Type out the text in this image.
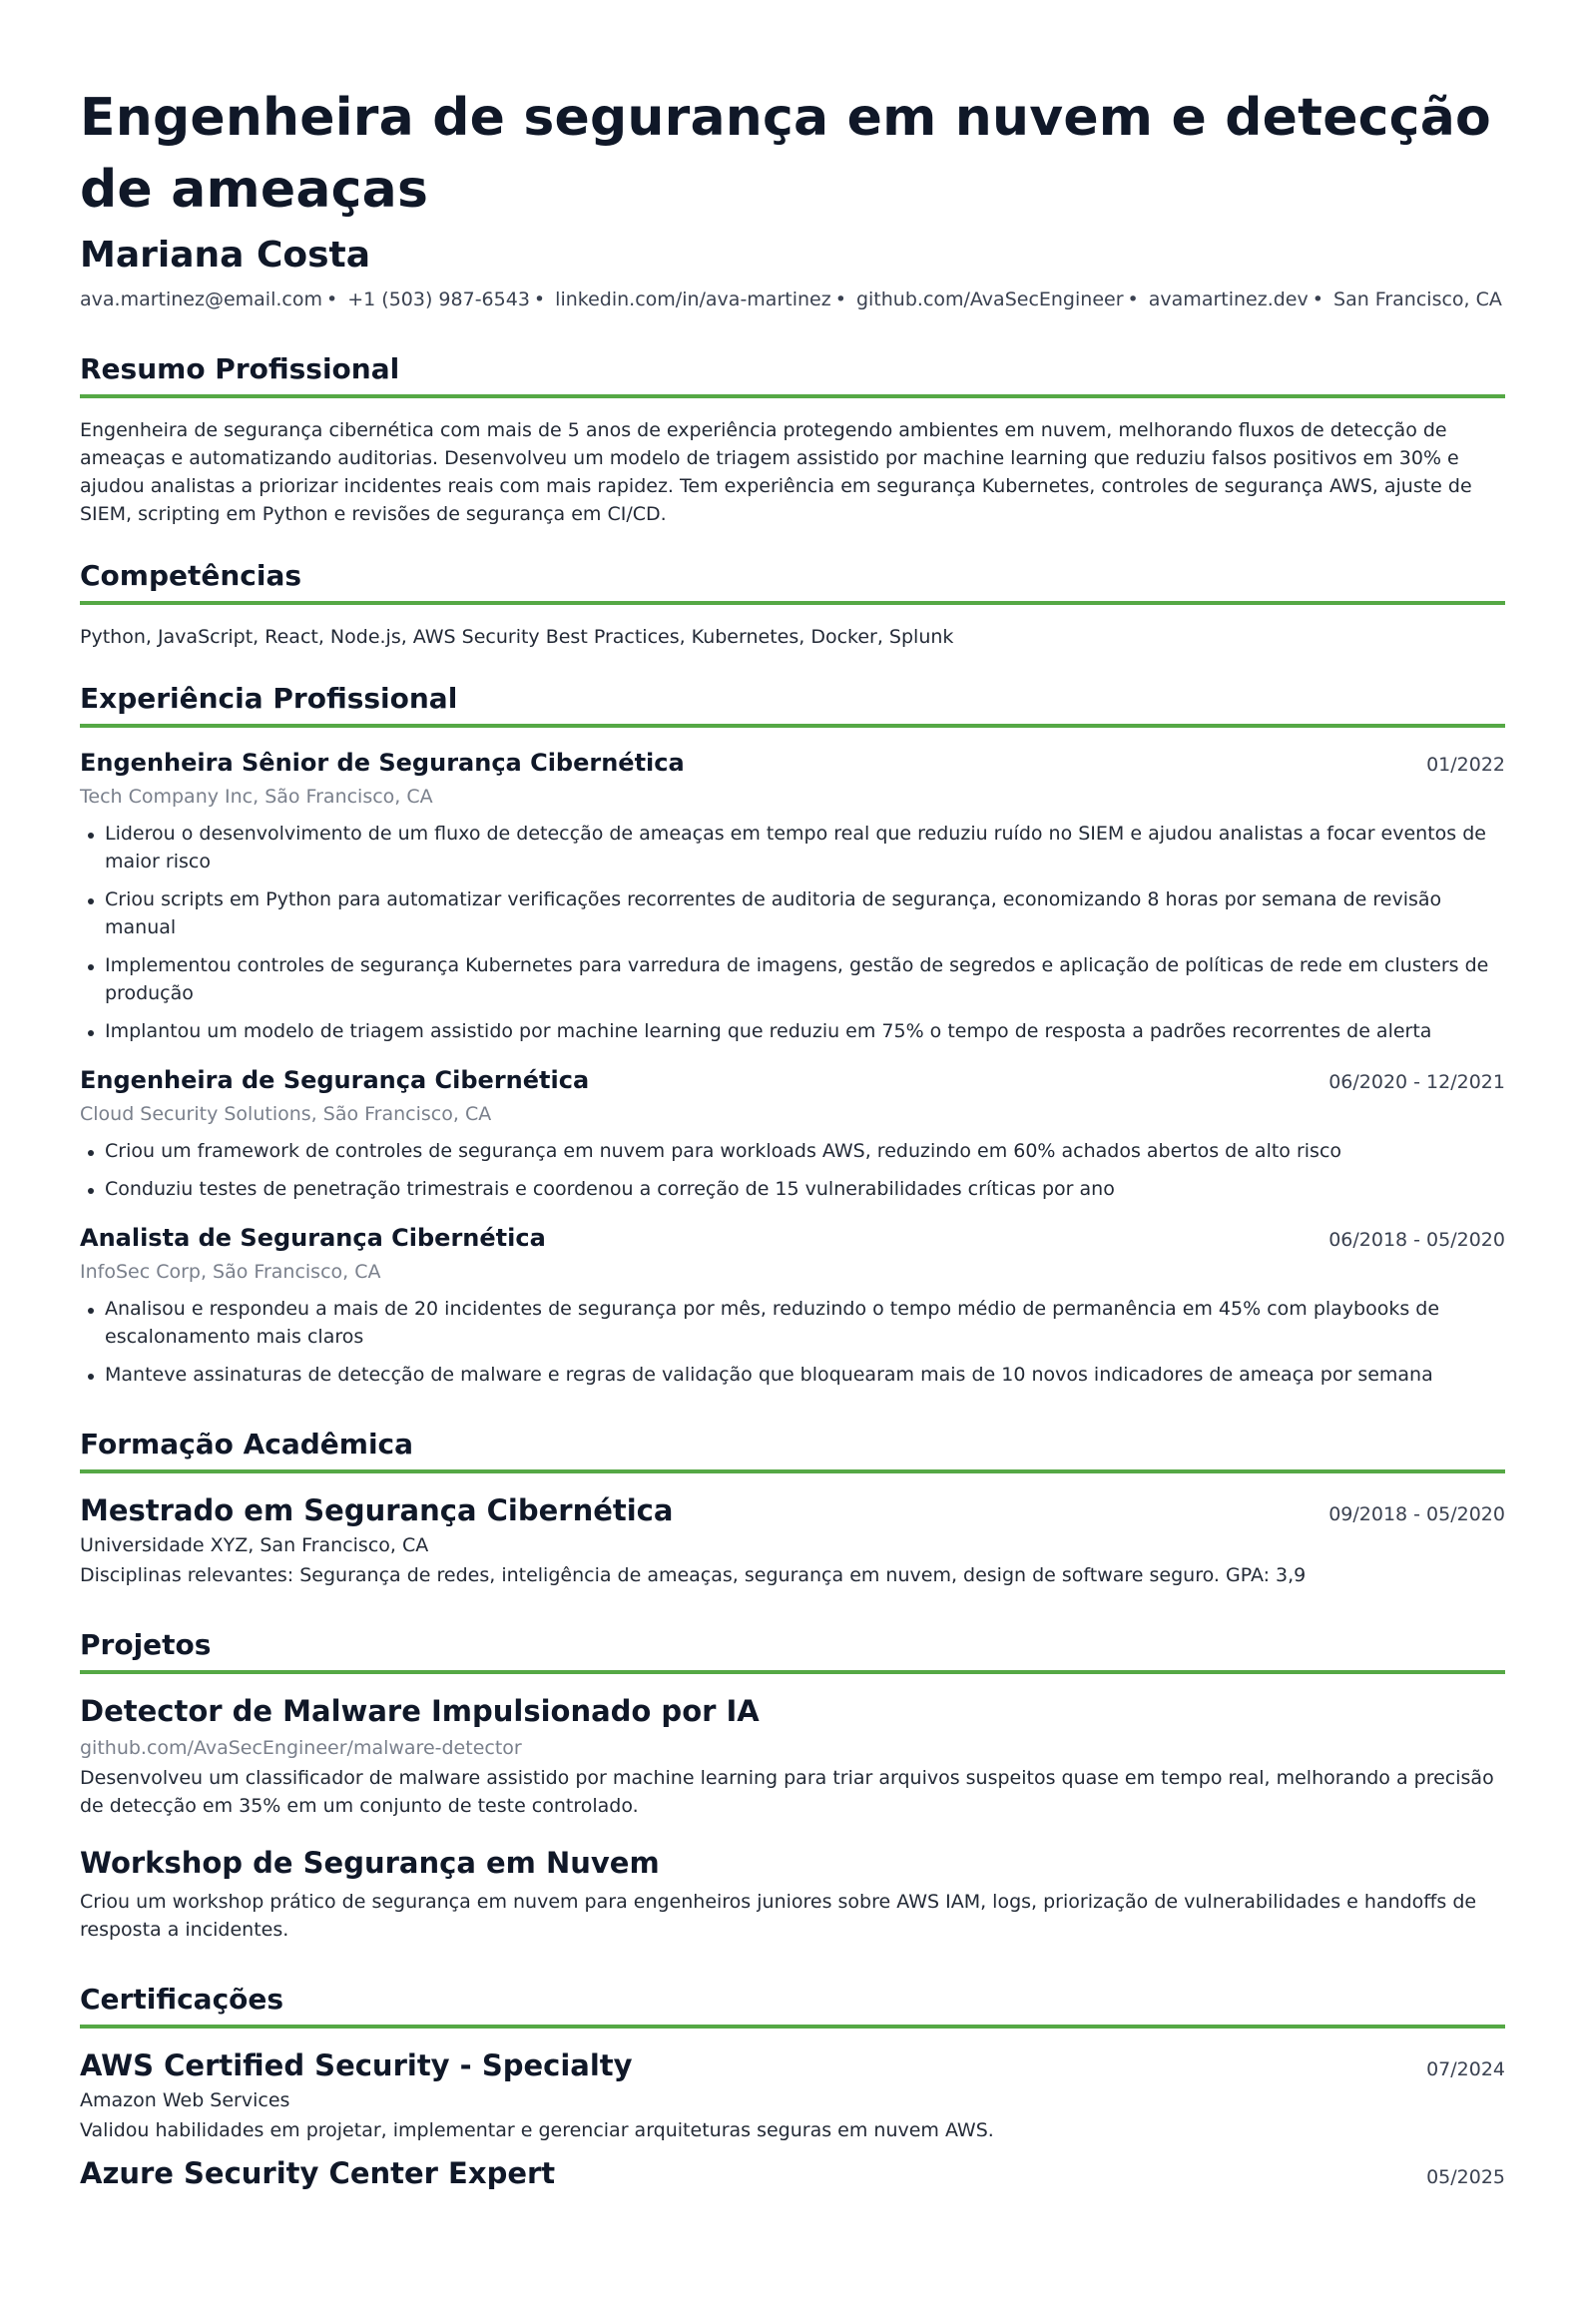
Engenheira de segurança em nuvem e detecção de ameaças
Mariana Costa
ava.martinez@email.com • +1 (503) 987-6543 • linkedin.com/in/ava-martinez • github.com/AvaSecEngineer • avamartinez.dev • San Francisco, CA
Resumo Profissional
Engenheira de segurança cibernética com mais de 5 anos de experiência protegendo ambientes em nuvem, melhorando fluxos de detecção de ameaças e automatizando auditorias. Desenvolveu um modelo de triagem assistido por machine learning que reduziu falsos positivos em 30% e ajudou analistas a priorizar incidentes reais com mais rapidez. Tem experiência em segurança Kubernetes, controles de segurança AWS, ajuste de SIEM, scripting em Python e revisões de segurança em CI/CD.
Competências
Python, JavaScript, React, Node.js, AWS Security Best Practices, Kubernetes, Docker, Splunk
Experiência Profissional
Engenheira Sênior de Segurança Cibernética	01/2022
Tech Company Inc, São Francisco, CA
Liderou o desenvolvimento de um fluxo de detecção de ameaças em tempo real que reduziu ruído no SIEM e ajudou analistas a focar eventos de maior risco
Criou scripts em Python para automatizar verificações recorrentes de auditoria de segurança, economizando 8 horas por semana de revisão manual
Implementou controles de segurança Kubernetes para varredura de imagens, gestão de segredos e aplicação de políticas de rede em clusters de produção
Implantou um modelo de triagem assistido por machine learning que reduziu em 75% o tempo de resposta a padrões recorrentes de alerta
Engenheira de Segurança Cibernética	06/2020 - 12/2021
Cloud Security Solutions, São Francisco, CA
Criou um framework de controles de segurança em nuvem para workloads AWS, reduzindo em 60% achados abertos de alto risco
Conduziu testes de penetração trimestrais e coordenou a correção de 15 vulnerabilidades críticas por ano
Analista de Segurança Cibernética	06/2018 - 05/2020
InfoSec Corp, São Francisco, CA
Analisou e respondeu a mais de 20 incidentes de segurança por mês, reduzindo o tempo médio de permanência em 45% com playbooks de escalonamento mais claros
Manteve assinaturas de detecção de malware e regras de validação que bloquearam mais de 10 novos indicadores de ameaça por semana
Formação Acadêmica
Mestrado em Segurança Cibernética	09/2018 - 05/2020
Universidade XYZ, San Francisco, CA
Disciplinas relevantes: Segurança de redes, inteligência de ameaças, segurança em nuvem, design de software seguro. GPA: 3,9
Projetos
Detector de Malware Impulsionado por IA
github.com/AvaSecEngineer/malware-detector
Desenvolveu um classificador de malware assistido por machine learning para triar arquivos suspeitos quase em tempo real, melhorando a precisão de detecção em 35% em um conjunto de teste controlado.
Workshop de Segurança em Nuvem
Criou um workshop prático de segurança em nuvem para engenheiros juniores sobre AWS IAM, logs, priorização de vulnerabilidades e handoffs de resposta a incidentes.
Certificações
AWS Certified Security - Specialty	07/2024
Amazon Web Services
Validou habilidades em projetar, implementar e gerenciar arquiteturas seguras em nuvem AWS.
Azure Security Center Expert	05/2025
